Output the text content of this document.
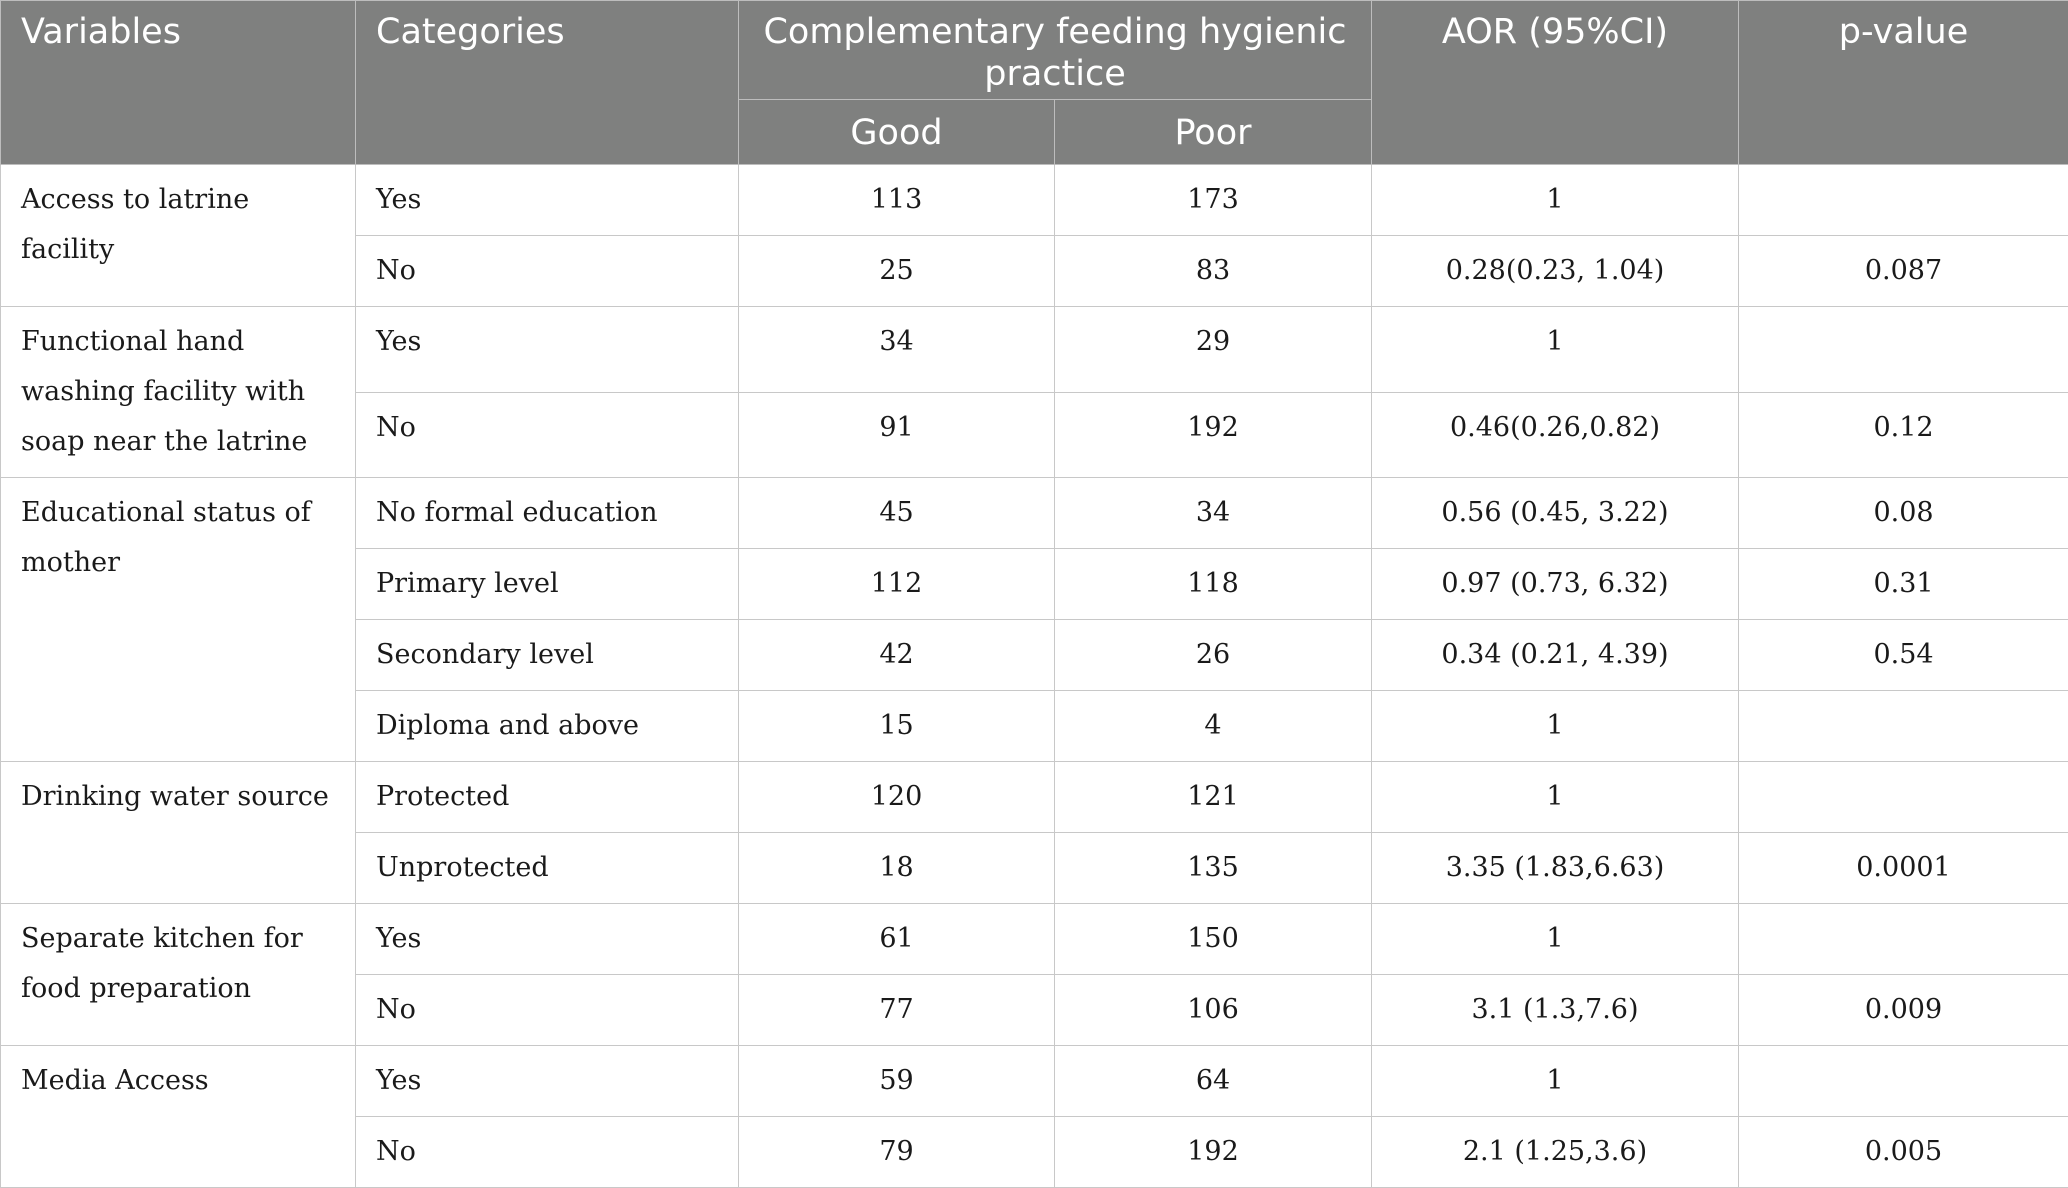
Variables	Categories	Complementary feeding hygienic practice		AOR (95%CI)	p-value
		Good	Poor		
Access to latrine facility	Yes	113	173	1	
	No	25	83	0.28(0.23, 1.04)	0.087
Functional hand washing facility with soap near the latrine	Yes	34	29	1	
	No	91	192	0.46(0.26,0.82)	0.12
Educational status of mother	No formal education	45	34	0.56 (0.45, 3.22)	0.08
	Primary level	112	118	0.97 (0.73, 6.32)	0.31
	Secondary level	42	26	0.34 (0.21, 4.39)	0.54
	Diploma and above	15	4	1	
Drinking water source	Protected	120	121	1	
	Unprotected	18	135	3.35 (1.83,6.63)	0.0001
Separate kitchen for food preparation	Yes	61	150	1	
	No	77	106	3.1 (1.3,7.6)	0.009
Media Access	Yes	59	64	1	
	No	79	192	2.1 (1.25,3.6)	0.005
